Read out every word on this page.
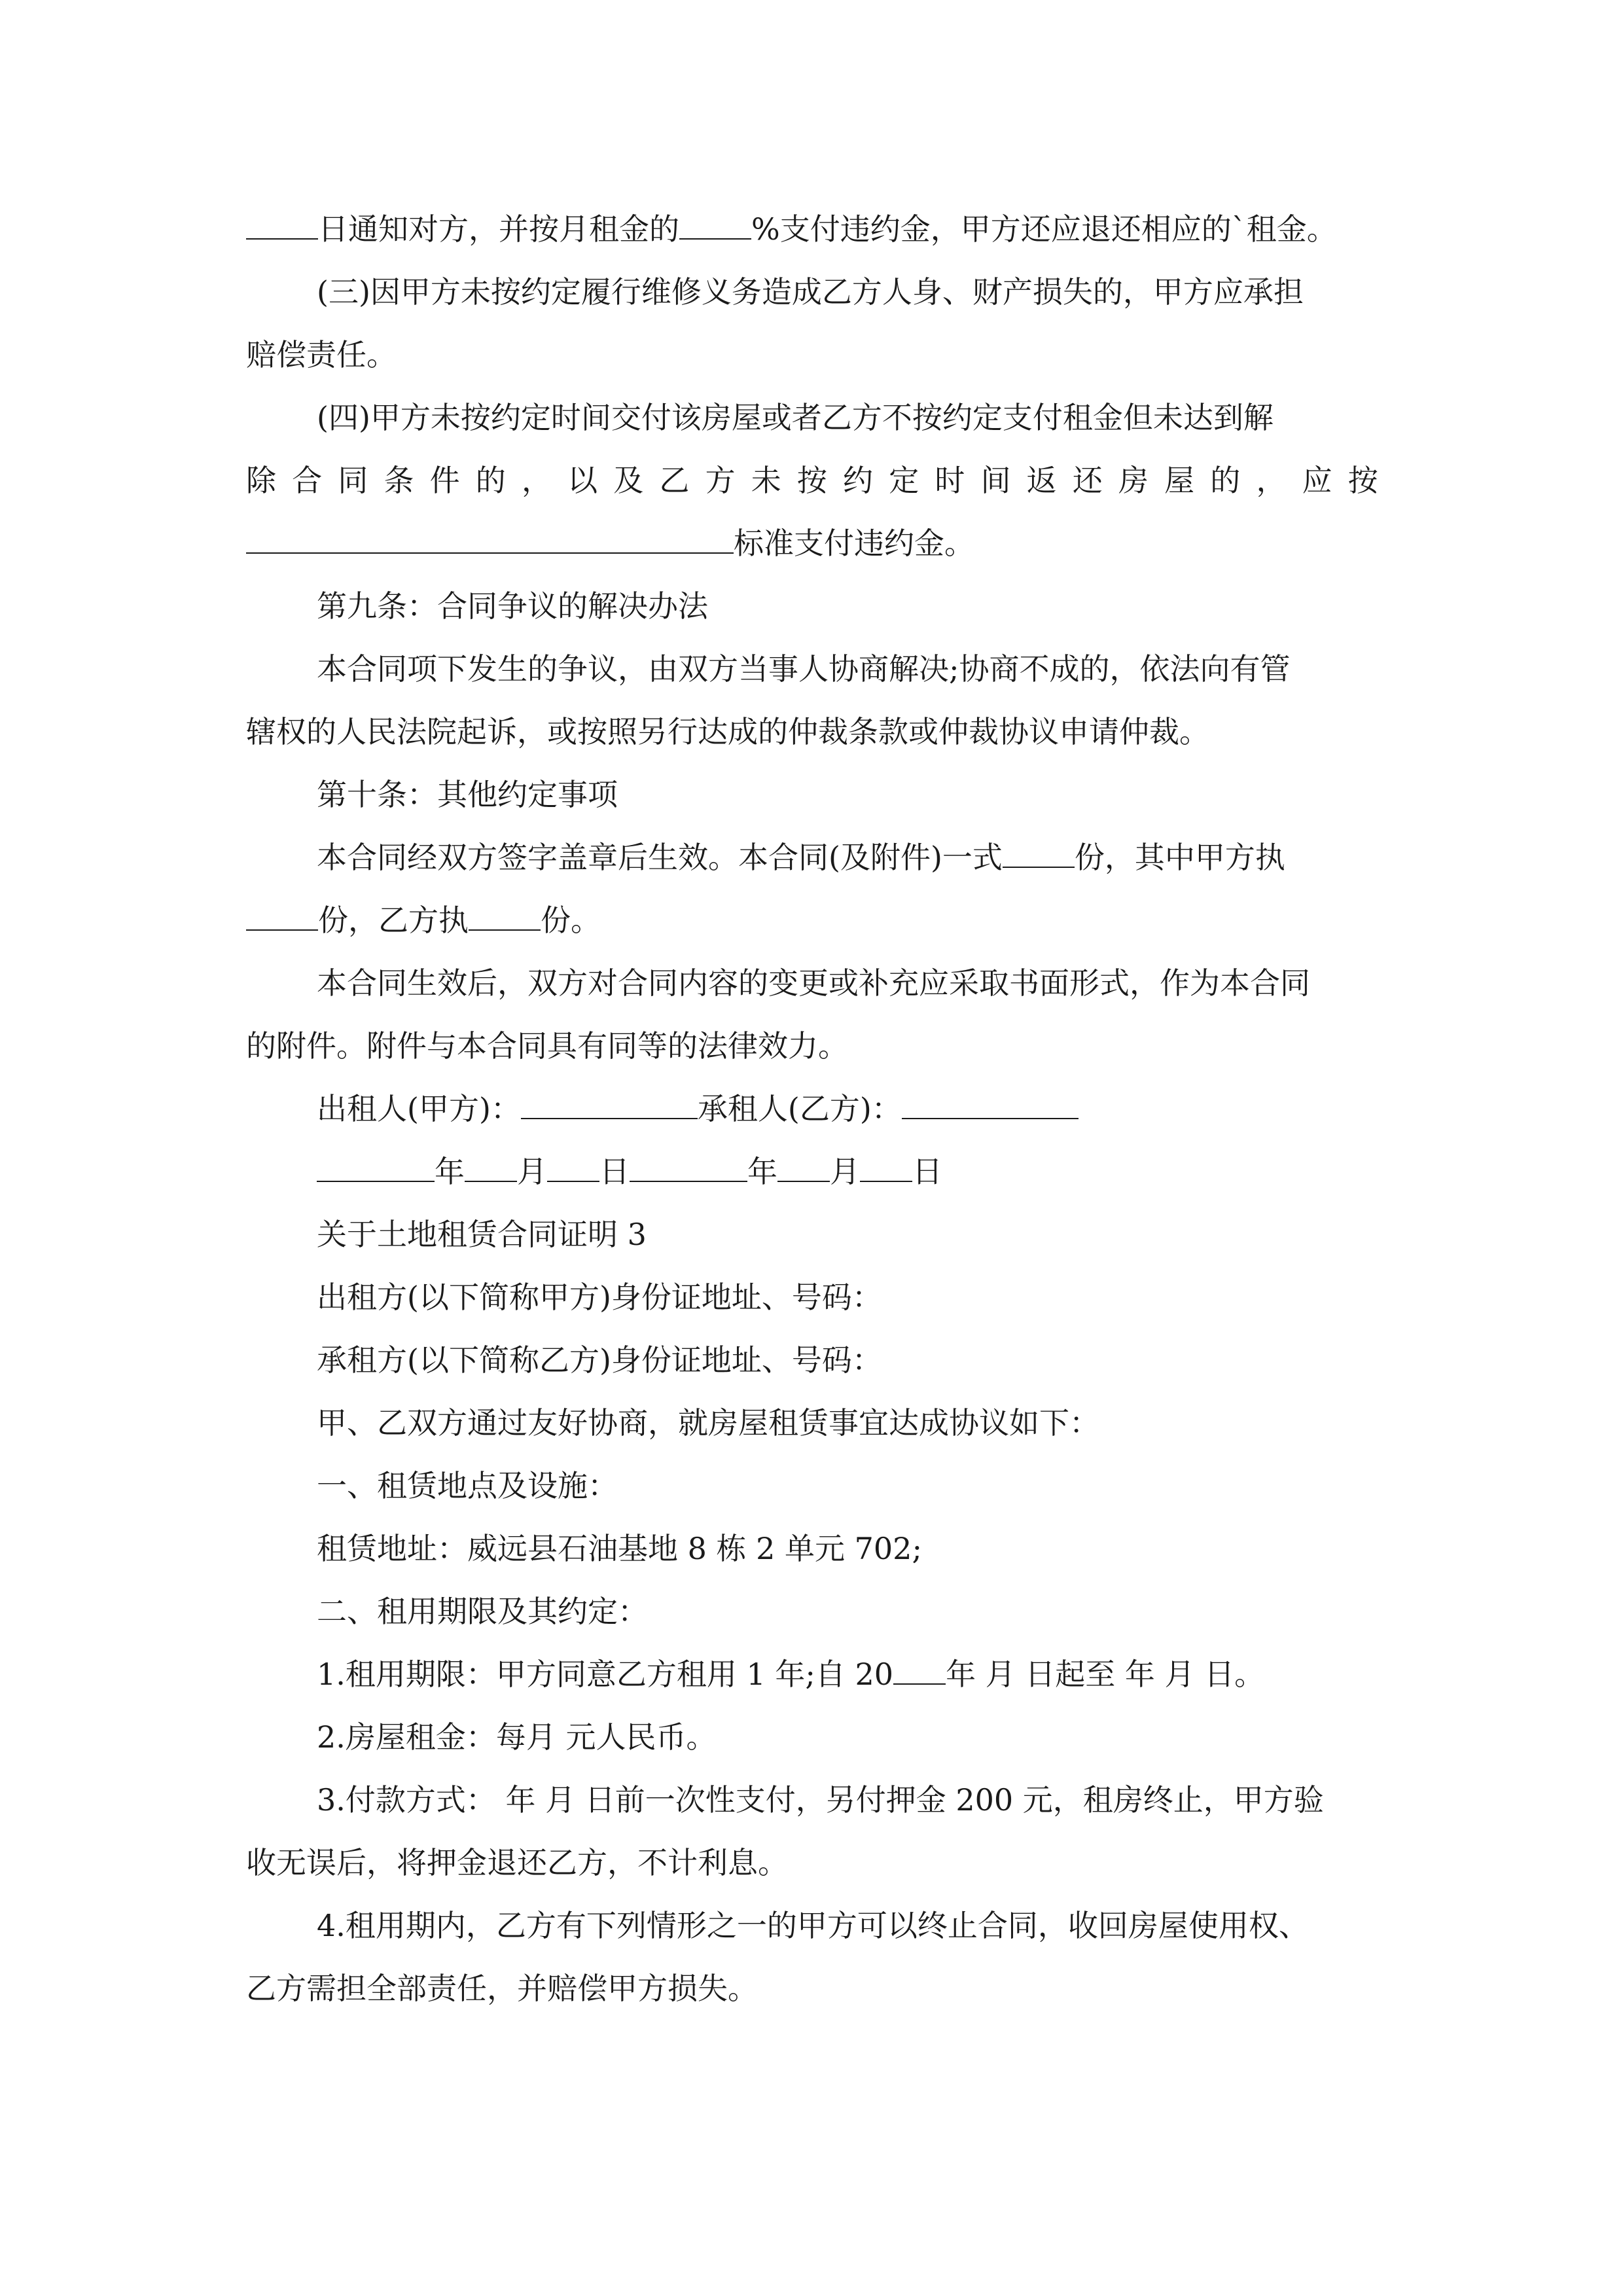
日通知对方，并按月租金的 %支付违约金，甲方还应退还相应的`租金。
(三)因甲方未按约定履行维修义务造成乙方人身、财产损失的，甲方应承担
赔偿责任。
(四)甲方未按约定时间交付该房屋或者乙方不按约定支付租金但未达到解
除 合 同 条 件 的 ， 以 及 乙 方 未 按 约 定 时 间 返 还 房 屋 的 ， 应 按
标准支付违约金。
第九条：合同争议的解决办法
本合同项下发生的争议，由双方当事人协商解决;协商不成的，依法向有管
辖权的人民法院起诉，或按照另行达成的仲裁条款或仲裁协议申请仲裁。
第十条：其他约定事项
本合同经双方签字盖章后生效。本合同(及附件)一式 份，其中甲方执
份，乙方执 份。
本合同生效后，双方对合同内容的变更或补充应采取书面形式，作为本合同
的附件。附件与本合同具有同等的法律效力。
出租人(甲方)：	承租人(乙方)：
年 月 日	年 月 日
关于土地租赁合同证明 3
出租方(以下简称甲方)身份证地址、号码：
承租方(以下简称乙方)身份证地址、号码：
甲、乙双方通过友好协商，就房屋租赁事宜达成协议如下：
一、租赁地点及设施：
租赁地址：威远县石油基地 8 栋 2 单元 702;
二、租用期限及其约定：
1.租用期限：甲方同意乙方租用 1 年;自 20 年 月 日起至 年 月 日。
2.房屋租金：每月 元人民币。
3.付款方式： 年 月 日前一次性支付，另付押金 200 元，租房终止，甲方验
收无误后，将押金退还乙方，不计利息。
4.租用期内，乙方有下列情形之一的甲方可以终止合同，收回房屋使用权、
乙方需担全部责任，并赔偿甲方损失。
